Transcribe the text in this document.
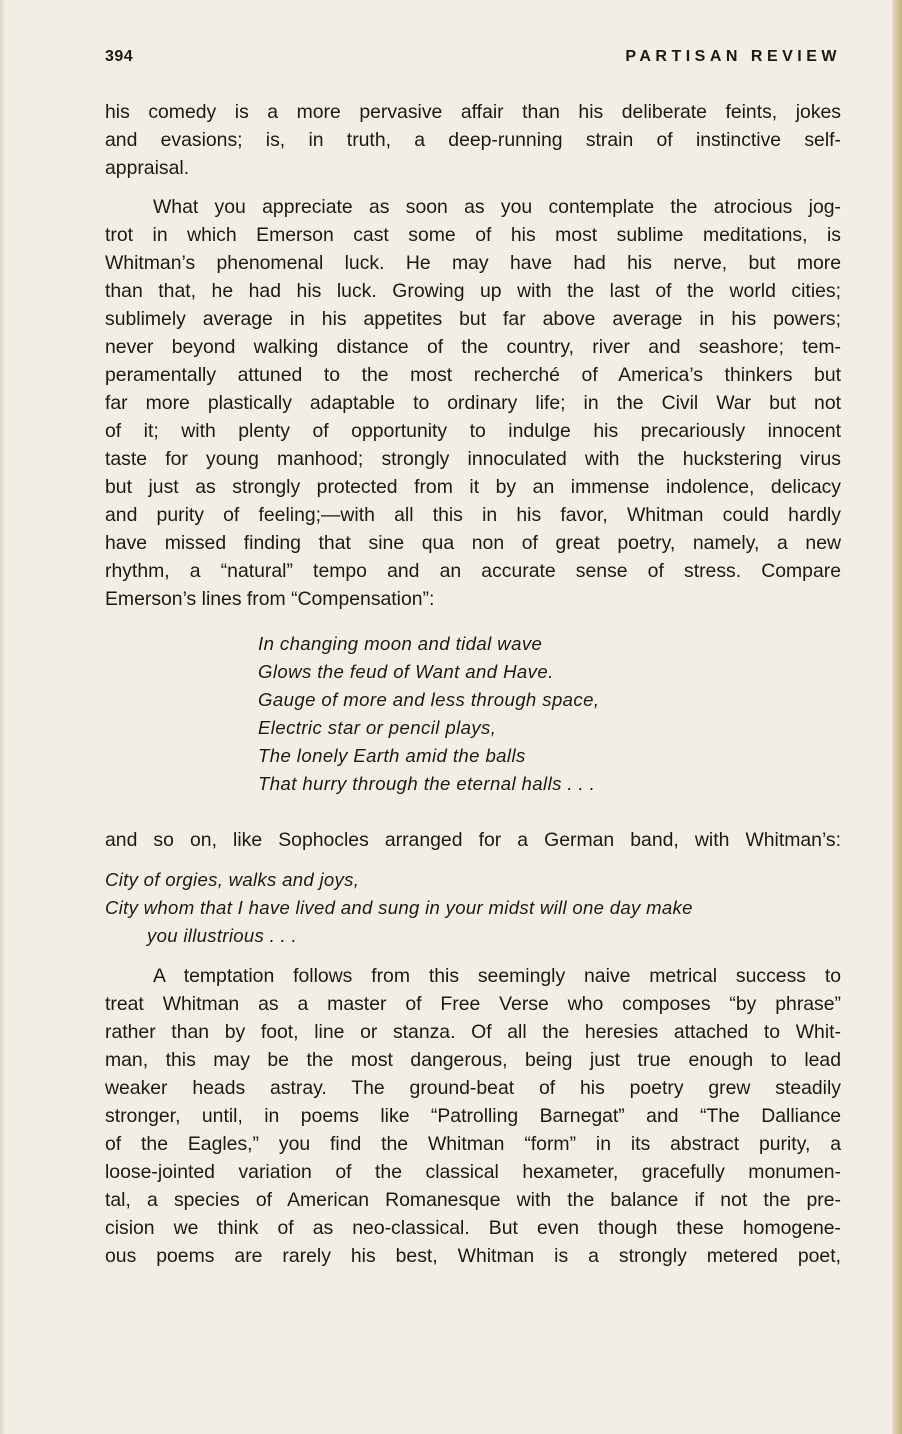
394	PARTISAN REVIEW
his comedy is a more pervasive affair than his deliberate feints, jokes
and evasions; is, in truth, a deep-running strain of instinctive self-
appraisal.
What you appreciate as soon as you contemplate the atrocious jog-
trot in which Emerson cast some of his most sublime meditations, is
Whitman’s phenomenal luck. He may have had his nerve, but more
than that, he had his luck. Growing up with the last of the world cities;
sublimely average in his appetites but far above average in his powers;
never beyond walking distance of the country, river and seashore; tem-
peramentally attuned to the most recherché of America’s thinkers but
far more plastically adaptable to ordinary life; in the Civil War but not
of it; with plenty of opportunity to indulge his precariously innocent
taste for young manhood; strongly innoculated with the huckstering virus
but just as strongly protected from it by an immense indolence, delicacy
and purity of feeling;—with all this in his favor, Whitman could hardly
have missed finding that sine qua non of great poetry, namely, a new
rhythm, a “natural” tempo and an accurate sense of stress. Compare
Emerson’s lines from “Compensation”:
In changing moon and tidal wave
Glows the feud of Want and Have.
Gauge of more and less through space,
Electric star or pencil plays,
The lonely Earth amid the balls
That hurry through the eternal halls . . .
and so on, like Sophocles arranged for a German band, with Whitman’s:
City of orgies, walks and joys,
City whom that I have lived and sung in your midst will one day make
you illustrious . . .
A temptation follows from this seemingly naive metrical success to
treat Whitman as a master of Free Verse who composes “by phrase”
rather than by foot, line or stanza. Of all the heresies attached to Whit-
man, this may be the most dangerous, being just true enough to lead
weaker heads astray. The ground-beat of his poetry grew steadily
stronger, until, in poems like “Patrolling Barnegat” and “The Dalliance
of the Eagles,” you find the Whitman “form” in its abstract purity, a
loose-jointed variation of the classical hexameter, gracefully monumen-
tal, a species of American Romanesque with the balance if not the pre-
cision we think of as neo-classical. But even though these homogene-
ous poems are rarely his best, Whitman is a strongly metered poet,
